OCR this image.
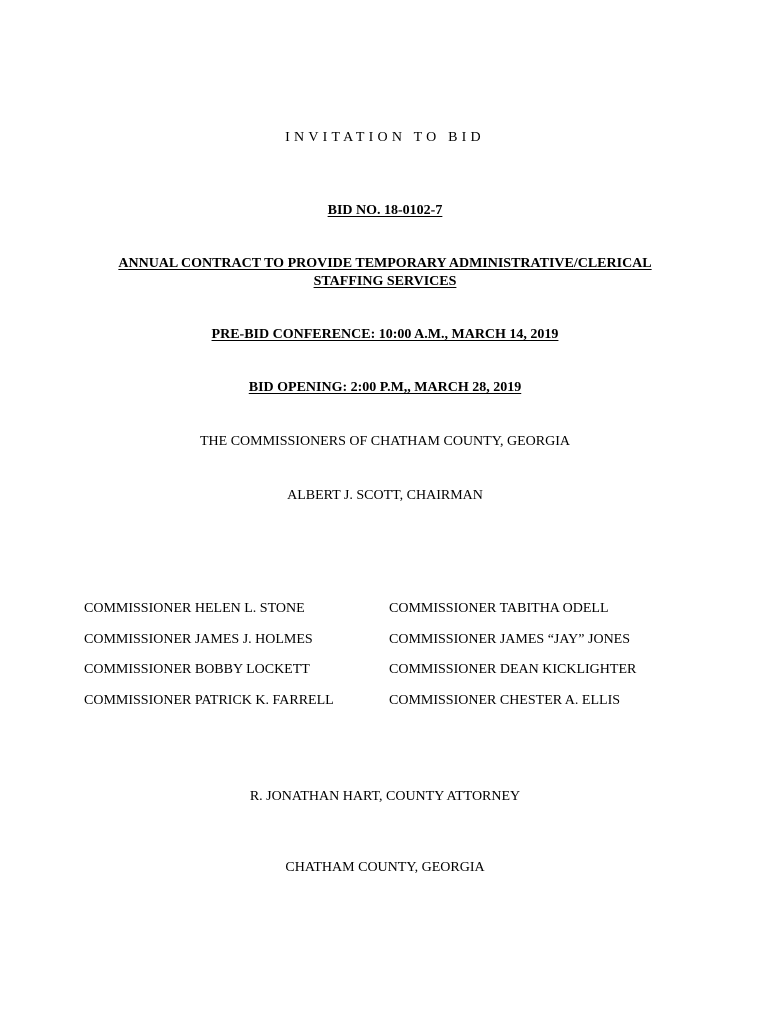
INVITATION TO BID
BID NO. 18-0102-7
ANNUAL CONTRACT TO PROVIDE TEMPORARY ADMINISTRATIVE/CLERICAL
STAFFING SERVICES
PRE-BID CONFERENCE: 10:00 A.M., MARCH 14, 2019
BID OPENING: 2:00 P.M,, MARCH 28, 2019
THE COMMISSIONERS OF CHATHAM COUNTY, GEORGIA
ALBERT J. SCOTT, CHAIRMAN
COMMISSIONER HELEN L. STONE	COMMISSIONER TABITHA ODELL
COMMISSIONER JAMES J. HOLMES	COMMISSIONER JAMES “JAY” JONES
COMMISSIONER BOBBY LOCKETT	COMMISSIONER DEAN KICKLIGHTER
COMMISSIONER PATRICK K. FARRELL	COMMISSIONER CHESTER A. ELLIS
R. JONATHAN HART, COUNTY ATTORNEY
CHATHAM COUNTY, GEORGIA
